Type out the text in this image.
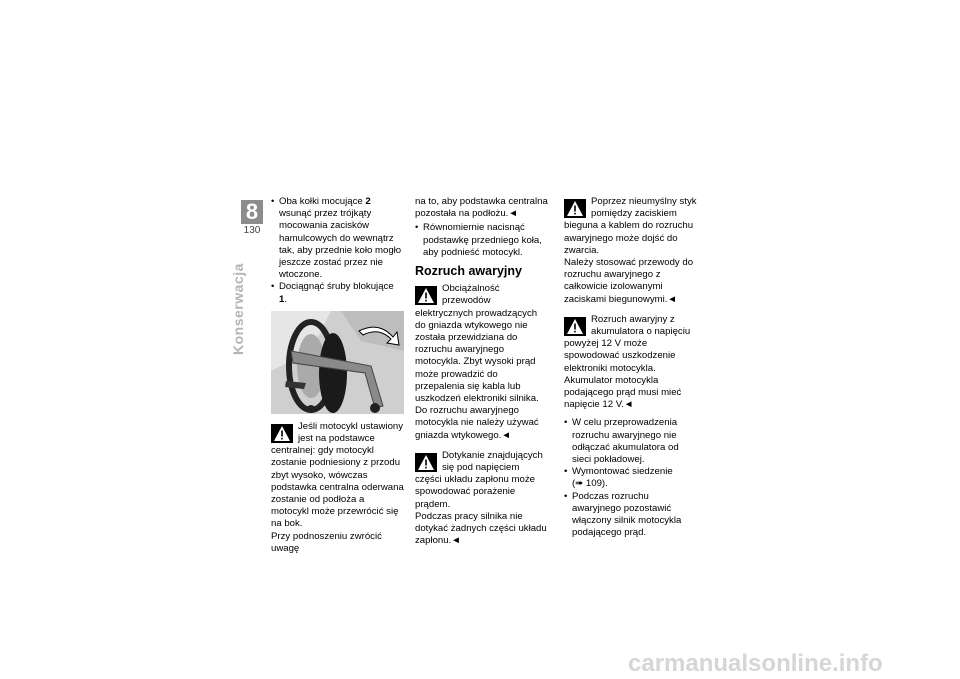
8
130
Konserwacja

• Oba kołki mocujące 2 wsunąć przez trójkąty mocowania zacisków hamulcowych do wewnątrz tak, aby przednie koło mogło jeszcze zostać przez nie wtoczone.

• Dociągnąć śruby blokujące 1.

Jeśli motocykl ustawiony jest na podstawce centralnej: gdy motocykl zostanie podniesiony z przodu zbyt wysoko, wówczas podstawka centralna oderwana zostanie od podłoża a motocykl może przewrócić się na bok.

Przy podnoszeniu zwrócić uwagę

na to, aby podstawka centralna pozostała na podłożu.◄

• Równomiernie nacisnąć podstawkę przedniego koła, aby podnieść motocykl.

Rozruch awaryjny

Obciążalność przewodów elektrycznych prowadzących do gniazda wtykowego nie została przewidziana do rozruchu awaryjnego motocykla. Zbyt wysoki prąd może prowadzić do przepalenia się kabla lub uszkodzeń elektroniki silnika.

Do rozruchu awaryjnego motocykla nie należy używać gniazda wtykowego.◄

Dotykanie znajdujących się pod napięciem części układu zapłonu może spowodować porażenie prądem.

Podczas pracy silnika nie dotykać żadnych części układu zapłonu.◄

Poprzez nieumyślny styk pomiędzy zaciskiem bieguna a kablem do rozruchu awaryjnego może dojść do zwarcia.

Należy stosować przewody do rozruchu awaryjnego z całkowicie izolowanymi zaciskami biegunowymi.◄

Rozruch awaryjny z akumulatora o napięciu powyżej 12 V może spowodować uszkodzenie elektroniki motocykla.

Akumulator motocykla podającego prąd musi mieć napięcie 12 V.◄

• W celu przeprowadzenia rozruchu awaryjnego nie odłączać akumulatora od sieci pokładowej.

• Wymontować siedzenie
(➠ 109).

• Podczas rozruchu awaryjnego pozostawić włączony silnik motocykla podającego prąd.

carmanualsonline.info
